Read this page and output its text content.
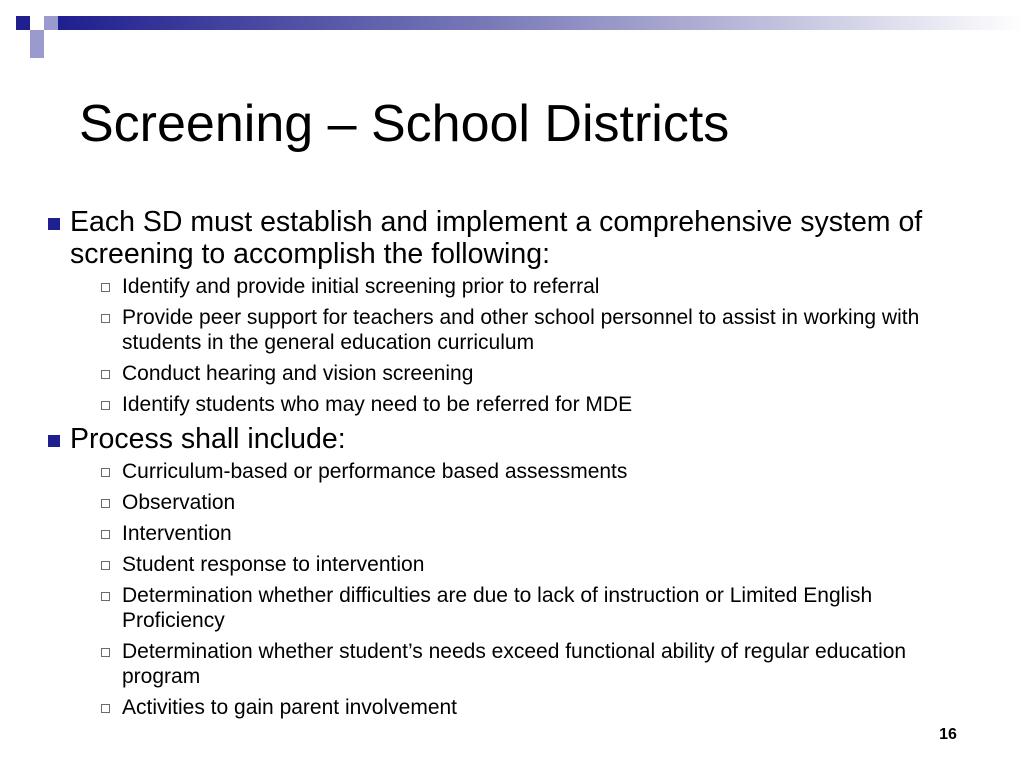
Screening – School Districts
Each SD must establish and implement a comprehensive system of screening to accomplish the following:
Identify and provide initial screening prior to referral
Provide peer support for teachers and other school personnel to assist in working with students in the general education curriculum
Conduct hearing and vision screening
Identify students who may need to be referred for MDE
Process shall include:
Curriculum-based or performance based assessments
Observation
Intervention
Student response to intervention
Determination whether difficulties are due to lack of instruction or Limited English Proficiency
Determination whether student’s needs exceed functional ability of regular education program
Activities to gain parent involvement
16
